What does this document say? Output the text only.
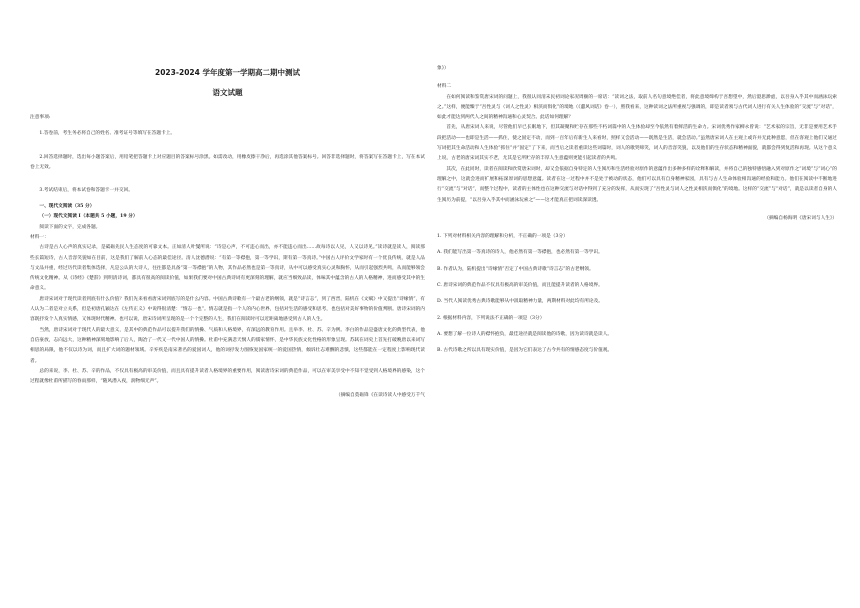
2023-2024 学年度第一学期高二期中测试

语文试题

注意事项:

1.答卷前，考生务必将自己的姓名、准考证号等填写在答题卡上。

2.回答选择题时，选出每小题答案后，用铅笔把答题卡上对应题目的答案标号涂黑。如需改动，用橡皮擦干净后，再选涂其他答案标号。回答非选择题时，将答案写在答题卡上，写在本试卷上无效。

3.考试结束后，将本试卷和答题卡一并交回。

一、现代文阅读（35 分）

（一）现代文阅读 I（本题共 5 小题，19 分）

阅读下面的文字，完成各题。

材料一：

古诗是古人心声的真实记录，是砥砺先民人生态度的可靠文本。正如清人叶燮所说：“诗是心声，不可违心而出，亦不能违心而出……故每诗以人见，人又以诗见。”读诗就是读人，阅读那些长篇短诗，古人音容笑貌如在目前，这是我们了解前人心态的最佳途径。清人沈德潜说：“有第一等襟抱，第一等学识，斯有第一等真诗。”中国古人评价文学家时有一个优良传统，就是人品与文品并重，经过历代读者集体选择，凡是公认的大诗人，往往都是具备“第一等襟抱”的人物，其作品必然也是第一等真诗，从中可以感受真实心灵和胸怀，从而引起强烈共鸣，从而能够领会传统文化精神。从《诗经》《楚辞》到明清诗词，都具有很高的阅读价值，如果我们要对中国古典诗词有更深刻的理解，就应当细致品读，体味其中蕴含的古人的人格精神，进而感受其中的生命意义。

唐诗宋词对于现代读者到底有什么价值？我们先来看看唐宋词到底写的是什么内容。中国古典诗歌有一个最古老的纲领，就是“诗言志”，到了西晋，陆机在《文赋》中又提出“诗缘情”，有人认为二者是对立关系，但是初唐孔颖达在《左传正义》中说得很清楚：“情志一也”。情志就是指一个人的内心世界，包括对生活的感受和思考，也包括对美好事物的价值判断。唐诗宋词的内容既抒发个人真实情感，又体现时代精神。也可以说，唐宋诗词所呈现的是一个个完整的人生，我们在阅读时可以近距离地感受到古人的人生。

当然，唐诗宋词对于现代人的最大意义，是其中的典范作品可以提升我们的情操、气质和人格境界，有深远的教育作用。且举李、杜、苏、辛为例。李白的作品是盛唐文化的典型代表，他自信豪放，志向远大，这种精神深刻地影响了后人，陶冶了一代又一代中国人的情操。杜甫中充满悲天悯人的儒家情怀，是中华民族文化性格的形象呈现。苏轼在词史上首先打破晚唐以来词写相思的局限，他不仅以诗为词，而且扩大词的题材领域。辛弃疾是南宋著名的爱国词人，他的词抒发力图恢复国家统一的爱国热情，倾诉壮志难酬的悲愤，这些都能在一定程度上影响现代读者。

总的来说，李、杜、苏、辛的作品，不仅具有极高的审美价值，而且具有提升读者人格境界的重要作用，阅读唐诗宋词的典范作品，可以在审美享受中不知不觉受到人格境界的感染，这个过程就像杜甫所描写的春雨那样，“随风潜入夜，润物细无声”。

（摘编自莫砺锋《在读诗读人中感受万千气

象》）

材料二

在如何阅读和鉴赏唐宋词的问题上，我很认同清末民初词论家况周颐的一席话：“读词之法，取前人名句意境绝佳者，将此意境缔构于吾想望中，然后澄思渺虑，以吾身入乎其中而涵泳玩索之。”这样，便能臻于“吾性灵与（词人之性灵）相浃而俱化”的境地（《蕙风词话》卷一），照我看来，这种读词之法所重视与强调的，即是读者须与古代词人进行有关人生体验的“交流”与“对话”，如此才能达到两代人之间的精神沟通和心灵契合。此话如何理解？

首先，从唐宋词人来说，尽管他们早已长眠地下，但其凝聚和贮存在那些不朽词篇中的人生体验却至今依然有着鲜活的生命力。宋词优秀作家柳永曾说：“艺术家的宗旨，无非是要用艺术手段把活动——也即是生活——抓住，使之固定不动，而到一百年后有新生人来看时，照样又会活动——既然是生活，就会活动。”虽然唐宋词人在主观上或许并无此种意愿，但在客观上他们又通过写词把其生命活动和人生体验“抓住”并“固定”了下来，而当后之读者重读这些词篇时，词人的歌哭啼笑，词人的音容笑貌，以及他们的生存状态和精神面貌，就都会得到复活和再现。从这个意义上说，古老的唐宋词其实不老，尤其是它所贮存的丰厚人生意蕴则更能引起读者的共鸣。

其次，在此同时，读者在阅读和欣赏唐宋词时，却又会依据自身特定的人生阅历和生活经验对原作的意蕴作出多种多样的诠释和解读，并将自己的独特感悟融入到对原作之“词境”与“词心”的理解之中，这就会进而扩展和拓深原词的思想意蕴。读者在这一过程中并不是处于被动的状态，他们可以具有自身精神家园，具有与古人生命体验相沟通的经验和能力。他们在阅读中不断地进行“交流”与“对话”，而整个过程中，读者的主体性也在这种交流与对话中得到了充分的发挥，从而实现了“吾性灵与词人之性灵相浃而俱化”的境地。这样的“交流”与“对话”，就是以读者自身的人生阅历为前提，“以吾身入乎其中而涵泳玩索之”——这才能真正把词读深读透。

（摘编自杨海明《唐宋词与人生》）

1. 下列对材料相关内容的理解和分析，不正确的一项是（3分）

A. 我们能写出第一等真诗的诗人，他必然有第一等襟抱，也必然有第一等学识。

B. 作者认为，陆机提出“诗缘情”否定了中国古典诗歌“诗言志”的古老纲领。

C. 唐诗宋词的典范作品不仅具有极高的审美价值，而且能提升读者的人格境界。

D. 当代人阅读优秀古典诗歌能够从中汲取精神力量，两期材料对此均有所论及。

2. 根据材料内容，下列说法不正确的一项是（3分）

A. 要想了解一位诗人的襟怀抱负，最佳途径就是阅读他的诗歌，因为读诗就是读人。

B. 古代诗歌之所以具有现实价值，是因为它们表达了古今共有的情感态度与价值观。
